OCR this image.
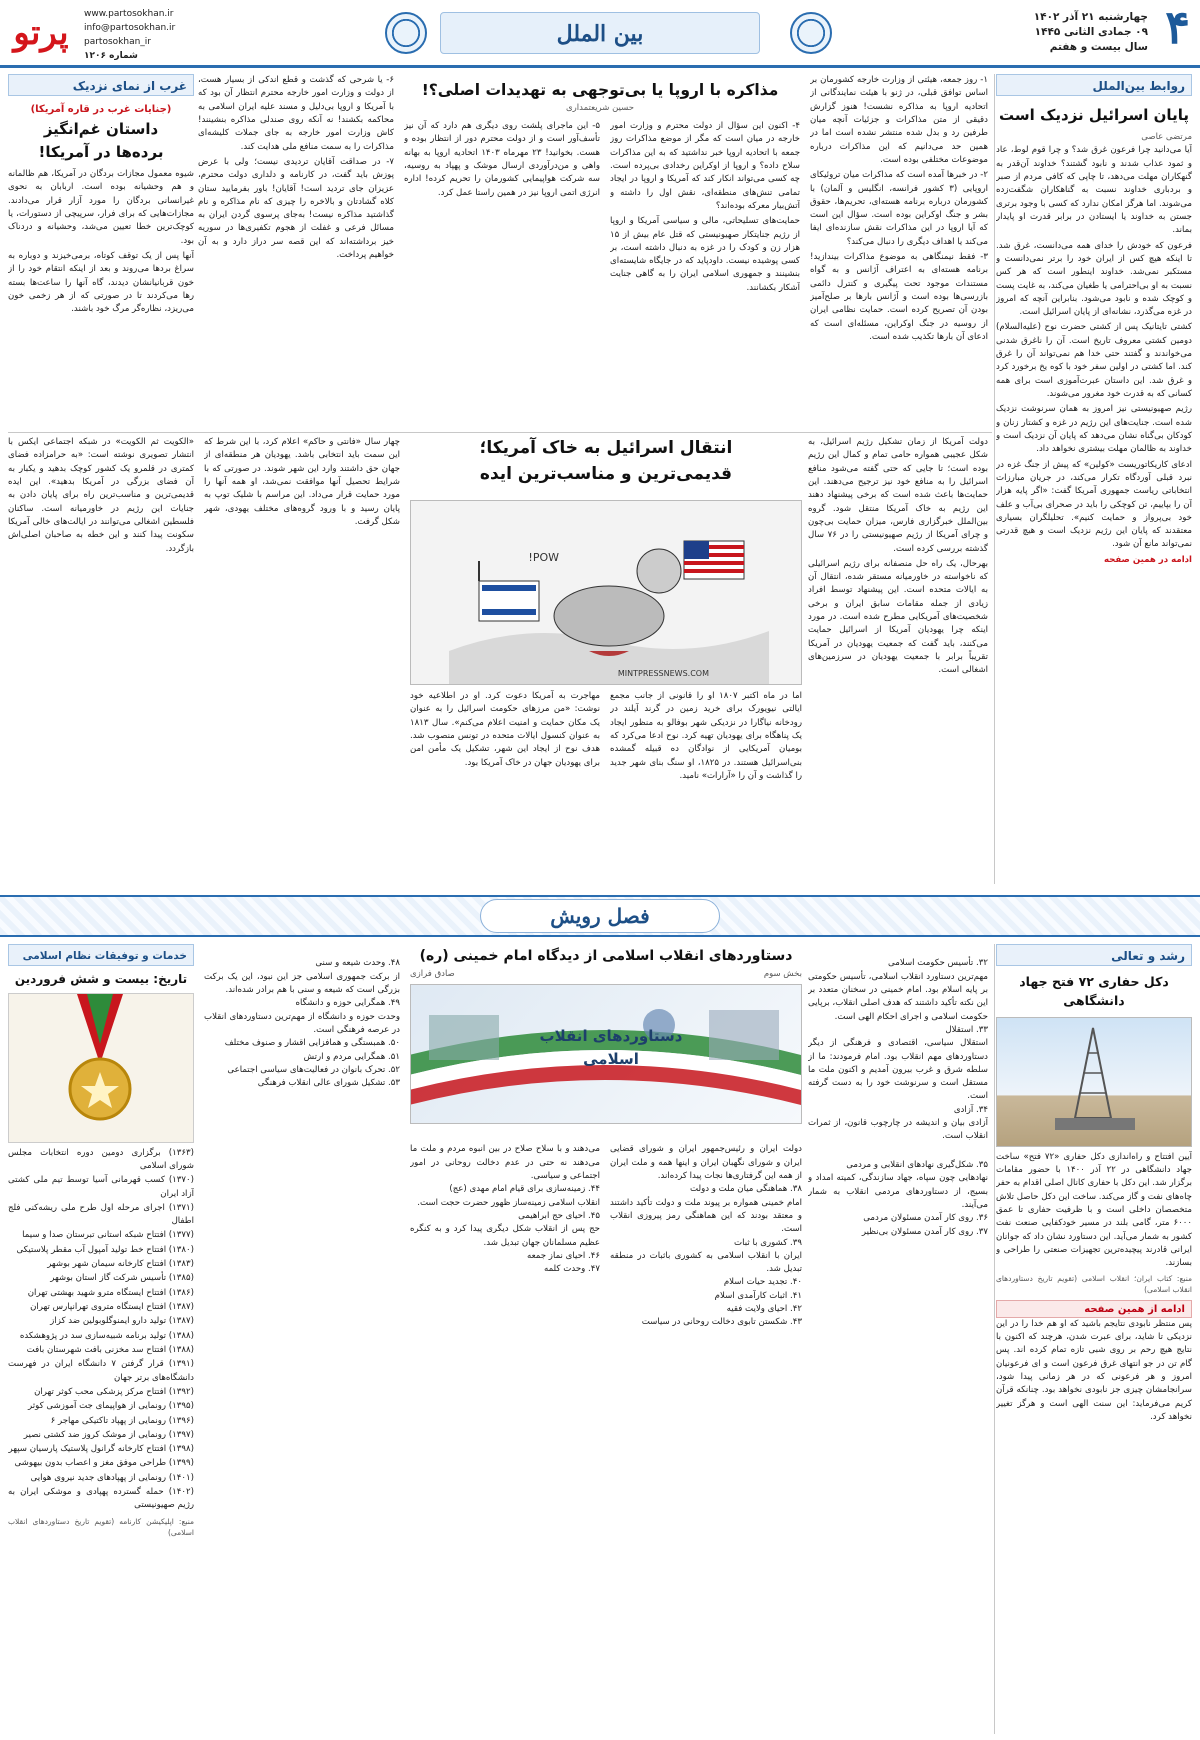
۴
چهارشنبه ۲۱ آذر ۱۴۰۲
۰۹ جمادی الثانی ۱۴۴۵
سال بیست و هفتم
بین الملل
www.partosokhan.ir
info@partosokhan.ir
partosokhan_ir
شماره ۱۲۰۶
پرتو
روابط بین‌الملل
پایان اسرائیل نزدیک است
مرتضی عاصی

آیا می‌دانید چرا فرعون غرق شد؟ و چرا قوم لوط، عاد و ثمود عذاب شدند و نابود گشتند؟ خداوند آن‌قدر به گنهکاران مهلت می‌دهد، تا چاپی که کافی مردم از صبر و بردباری خداوند نسبت به گناهکاران شگفت‌زده می‌شوند. اما هرگز امکان ندارد که کسی با وجود برتری جستن به خداوند یا ایستادن در برابر قدرت او پایدار بماند.

فرعون که خودش را خدای همه می‌دانست، غرق شد. تا اینکه هیچ کس از ایران خود را برتر نمی‌دانست و مستکبر نمی‌شد. خداوند اینطور است که هر کس نسبت به او بی‌احترامی یا طغیان می‌کند، به غایت پست و کوچک شده و نابود می‌شود. بنابراین آنچه که امروز در غزه می‌گذرد، نشانه‌ای از پایان اسرائیل است.

کشتی تایتانیک پس از کشتی حضرت نوح (علیه‌السلام) دومین کشتی معروف تاریخ است. آن را ناغرق شدنی می‌خواندند و گفتند حتی خدا هم نمی‌تواند آن را غرق کند. اما کشتی در اولین سفر خود با کوه یخ برخورد کرد و غرق شد. این داستان عبرت‌آموزی است برای همه کسانی که به قدرت خود مغرور می‌شوند.

رژیم صهیونیستی نیز امروز به همان سرنوشت نزدیک شده است. جنایت‌های این رژیم در غزه و کشتار زنان و کودکان بی‌گناه نشان می‌دهد که پایان آن نزدیک است و خداوند به ظالمان مهلت بیشتری نخواهد داد.

ادعای کاریکاتوریست «کولین» که پیش از جنگ غزه در نبرد قبلی آوردگاه تکرار می‌کند، در جریان مبارزات انتخاباتی ریاست جمهوری آمریکا گفت: «اگر پایه هزار آن را بپاییم، تن کوچکی را باید در صحرای بی‌آب و علف خود بی‌پرواز و حمایت کنیم». تحلیلگران بسیاری معتقدند که پایان این رژیم نزدیک است و هیچ قدرتی نمی‌تواند مانع آن شود.

ادامه در همین صفحه

مذاکره با اروپا یا بی‌توجهی به تهدیدات اصلی؟!
حسین شریعتمداری

۱- روز جمعه، هیئتی از وزارت خارجه کشورمان بر اساس توافق قبلی، در ژنو با هیئت نمایندگانی از اتحادیه اروپا به مذاکره نشست! هنوز گزارش دقیقی از متن مذاکرات و جزئیات آنچه میان طرفین رد و بدل شده منتشر نشده است اما در همین حد می‌دانیم که این مذاکرات درباره موضوعات مختلفی بوده است.

۲- در خبرها آمده است که مذاکرات میان تروئیکای اروپایی (۳ کشور فرانسه، انگلیس و آلمان) با کشورمان درباره برنامه هسته‌ای، تحریم‌ها، حقوق بشر و جنگ اوکراین بوده است. سؤال این است که آیا اروپا در این مذاکرات نقش سازنده‌ای ایفا می‌کند یا اهداف دیگری را دنبال می‌کند؟

۳- فقط نیمنگاهی به موضوع مذاکرات بیندازید! برنامه هسته‌ای به اعتراف آژانس و به گواه مستندات موجود تحت پیگیری و کنترل دائمی بازرسی‌ها بوده است و آژانس بارها بر صلح‌آمیز بودن آن تصریح کرده است. حمایت نظامی ایران از روسیه در جنگ اوکراین، مسئله‌ای است که ادعای آن بارها تکذیب شده است.

۴- اکنون این سؤال از دولت محترم و وزارت امور خارجه در میان است که مگر از موضع مذاکرات روز جمعه با اتحادیه اروپا خبر نداشتید که به این مذاکرات سلاح داده؟ و اروپا از اوکراین رخدادی بی‌پرده است. چه کسی می‌تواند انکار کند که آمریکا و اروپا در ایجاد تمامی تنش‌های منطقه‌ای، نقش اول را داشته و آتش‌بیار معرکه بوده‌اند؟

حمایت‌های تسلیحاتی، مالی و سیاسی آمریکا و اروپا از رژیم جنایتکار صهیونیستی که قتل عام بیش از ۱۵ هزار زن و کودک را در غزه به دنبال داشته است، بر کسی پوشیده نیست. داودپاید که در جایگاه شایسته‌ای بنشینند و جمهوری اسلامی ایران را به گاهی جنایت آشکار بکشانند.

۵- این ماجرای پلشت روی دیگری هم دارد که آن نیز تأسف‌آور است و از دولت محترم دور از انتظار بوده و هست. بخوانید! ۲۳ مهرماه ۱۴۰۳ اتحادیه اروپا به بهانه واهی و من‌درآوردی ارسال موشک و پهپاد به روسیه، سه شرکت هواپیمایی کشورمان را تحریم کرده! اداره انرژی اتمی اروپا نیز در همین راستا عمل کرد.

۶- یا شرحی که گذشت و قطع اندکی از بسیار هست، از دولت و وزارت امور خارجه محترم انتظار آن بود که با آمریکا و اروپا بی‌دلیل و مسند علیه ایران اسلامی به محاکمه بکشند! نه آنکه روی صندلی مذاکره بنشینند! کاش وزارت امور خارجه به جای جملات کلیشه‌ای مذاکرات را به سمت منافع ملی هدایت کند.

۷- در صداقت آقایان تردیدی نیست؛ ولی با عرض پوزش باید گفت، در کارنامه و دلداری دولت محترم، عزیزان جای تردید است! آقایان! باور بفرمایید ستان کلاه گشادتان و بالاخره را چیزی که نام مذاکره و نام گذاشتید مذاکره نیست! به‌جای پرسوی گردن ایران به مسائل فرعی و غفلت از هجوم تکفیری‌ها در سوریه خیز برداشته‌اند که این قصه سر دراز دارد و به آن خواهیم پرداخت.

غرب از نمای نزدیک
(جنایات غرب در قاره آمریکا)
داستان غم‌انگیز
برده‌ها در آمریکا!

شیوه معمول مجازات بردگان در آمریکا، هم ظالمانه و هم وحشیانه بوده است. اربابان به نحوی غیرانسانی بردگان را مورد آزار قرار می‌دادند. مجازات‌هایی که برای فرار، سرپیچی از دستورات، یا کوچک‌ترین خطا تعیین می‌شد، وحشیانه و دردناک بود.

آنها پس از یک توقف کوتاه، برمی‌خیزند و دوباره به سراغ بردها می‌روند و بعد از اینکه انتقام خود را از خون قربانیانشان دیدند، گاه آنها را ساعت‌ها بسته رها می‌کردند تا در صورتی که از هر زخمی خون می‌ریزد، نظاره‌گر مرگ خود باشند.

انتقال اسرائیل به خاک آمریکا؛
قدیمی‌ترین و مناسب‌ترین ایده
POW!
MINTPRESSNEWS.COM

دولت آمریکا از زمان تشکیل رژیم اسرائیل، به شکل عجیبی همواره حامی تمام و کمال این رژیم بوده است؛ تا جایی که حتی گفته می‌شود منافع اسرائیل را به منافع خود نیز ترجیح می‌دهند. این حمایت‌ها باعث شده است که برخی پیشنهاد دهند این رژیم به خاک آمریکا منتقل شود. گروه بین‌الملل خبرگزاری فارس، میزان حمایت بی‌چون و چرای آمریکا از رژیم صهیونیستی را در ۷۶ سال گذشته بررسی کرده است.

بهرحال، یک راه حل منصفانه برای رژیم اسرائیلی که ناخواسته در خاورمیانه مستقر شده، انتقال آن به ایالات متحده است. این پیشنهاد توسط افراد زیادی از جمله مقامات سابق ایران و برخی شخصیت‌های آمریکایی مطرح شده است. در مورد اینکه چرا یهودیان آمریکا از اسرائیل حمایت می‌کنند، باید گفت که جمعیت یهودیان در آمریکا تقریباً برابر با جمعیت یهودیان در سرزمین‌های اشغالی است.

مهاجرت به آمریکا دعوت کرد. او در اطلاعیه خود نوشت: «من مرزهای حکومت اسرائیل را به عنوان یک مکان حمایت و امنیت اعلام می‌کنم». سال ۱۸۱۳ به عنوان کنسول ایالات متحده در تونس منصوب شد. هدف نوح از ایجاد این شهر، تشکیل یک مأمن امن برای یهودیان جهان در خاک آمریکا بود.

اما در ماه اکتبر ۱۸۰۷ او را قانونی از جانب مجمع ایالتی نیویورک برای خرید زمین در گرند آیلند در رودخانه نیاگارا در نزدیکی شهر بوفالو به منظور ایجاد یک پناهگاه برای یهودیان تهیه کرد. نوح ادعا می‌کرد که بومیان آمریکایی از نوادگان ده قبیله گمشده بنی‌اسرائیل هستند. در ۱۸۲۵، او سنگ بنای شهر جدید را گذاشت و آن را «آرارات» نامید.

چهار سال «فانتی و حاکم» اعلام کرد، با این شرط که این سمت باید انتخابی باشد. یهودیان هر منطقه‌ای از جهان حق داشتند وارد این شهر شوند. در صورتی که با شرایط تحصیل آنها موافقت نمی‌شد، او همه آنها را مورد حمایت قرار می‌داد. این مراسم با شلیک توپ به پایان رسید و با ورود گروه‌های مختلف یهودی، شهر شکل گرفت.

«الکویت ثم الکویت» در شبکه اجتماعی ایکس با انتشار تصویری نوشته است: «به حرامزاده فضای کمتری در قلمرو یک کشور کوچک بدهید و یکبار به آن فضای بزرگی در آمریکا بدهید». این ایده قدیمی‌ترین و مناسب‌ترین راه برای پایان دادن به جنایات این رژیم در خاورمیانه است. ساکنان فلسطین اشغالی می‌توانند در ایالت‌های خالی آمریکا سکونت پیدا کنند و این خطه به صاحبان اصلی‌اش بازگردد.

فصل رویش
رشد و تعالی
دکل حفاری ۷۲ فتح جهاد دانشگاهی

آیین افتتاح و راه‌اندازی دکل حفاری «۷۲ فتح» ساخت جهاد دانشگاهی در ۲۲ آذر ۱۴۰۰ با حضور مقامات برگزار شد. این دکل با حفاری کانال اصلی اقدام به حفر چاه‌های نفت و گاز می‌کند. ساخت این دکل حاصل تلاش متخصصان داخلی است و با ظرفیت حفاری تا عمق ۶۰۰۰ متر، گامی بلند در مسیر خودکفایی صنعت نفت کشور به شمار می‌آید. این دستاورد نشان داد که جوانان ایرانی قادرند پیچیده‌ترین تجهیزات صنعتی را طراحی و بسازند.

منبع: کتاب ایران؛ انقلاب اسلامی (تقویم تاریخ دستاوردهای انقلاب اسلامی)

ادامه از همین صفحه

پس منتظر نابودی نتایجم باشید که او هم خدا را در این نزدیکی تا شاید، برای عبرت شدن، هرچند که اکنون با نتایج هیچ رحم بر روی شبی تازه تمام کرده اند. پس گام تن در جو انتهای غرق فرعون است و ای فرعونیان امروز و هر فرعونی که در هر زمانی پیدا شود، سرانجامشان چیزی جز نابودی نخواهد بود. چنانکه قرآن کریم می‌فرماید: این سنت الهی است و هرگز تغییر نخواهد کرد.

دستاوردهای انقلاب اسلامی از دیدگاه امام خمینی (ره)
بخش سوم
صادق فرازی
دستاوردهای انقلاب اسلامی

۳۲. تأسیس حکومت اسلامی
مهم‌ترین دستاورد انقلاب اسلامی، تأسیس حکومتی بر پایه اسلام بود. امام خمینی در سخنان متعدد بر این نکته تأکید داشتند که هدف اصلی انقلاب، برپایی حکومت اسلامی و اجرای احکام الهی است.
۳۳. استقلال
استقلال سیاسی، اقتصادی و فرهنگی از دیگر دستاوردهای مهم انقلاب بود. امام فرمودند: ما از سلطه شرق و غرب بیرون آمدیم و اکنون ملت ما مستقل است و سرنوشت خود را به دست گرفته است.
۳۴. آزادی
آزادی بیان و اندیشه در چارچوب قانون، از ثمرات انقلاب است.

۳۵. شکل‌گیری نهادهای انقلابی و مردمی
نهادهایی چون سپاه، جهاد سازندگی، کمیته امداد و بسیج، از دستاوردهای مردمی انقلاب به شمار می‌آیند.
۳۶. روی کار آمدن مسئولان مردمی
۳۷. روی کار آمدن مسئولان بی‌نظیر

دولت ایران و رئیس‌جمهور ایران و شورای قضایی ایران و شورای نگهبان ایران و اینها همه و ملت ایران از همه این گرفتاری‌ها نجات پیدا کرده‌اند.
۳۸. هماهنگی میان ملت و دولت
امام خمینی همواره بر پیوند ملت و دولت تأکید داشتند و معتقد بودند که این هماهنگی رمز پیروزی انقلاب است.
۳۹. کشوری با ثبات
ایران با انقلاب اسلامی به کشوری باثبات در منطقه تبدیل شد.
۴۰. تجدید حیات اسلام
۴۱. اثبات کارآمدی اسلام
۴۲. احیای ولایت فقیه
۴۳. شکستن تابوی دخالت روحانی در سیاست

می‌دهند و با سلاح صلاح در بین انبوه مردم و ملت ما می‌دهند نه حتی در عدم دخالت روحانی در امور اجتماعی و سیاسی.
۴۴. زمینه‌سازی برای قیام امام مهدی (عج)
انقلاب اسلامی زمینه‌ساز ظهور حضرت حجت است.
۴۵. احیای حج ابراهیمی
حج پس از انقلاب شکل دیگری پیدا کرد و به کنگره عظیم مسلمانان جهان تبدیل شد.
۴۶. احیای نماز جمعه
۴۷. وحدت کلمه

۴۸. وحدت شیعه و سنی
از برکت جمهوری اسلامی جز این نبود، این یک برکت بزرگی است که شیعه و سنی با هم برادر شده‌اند.
۴۹. همگرایی حوزه و دانشگاه
وحدت حوزه و دانشگاه از مهم‌ترین دستاوردهای انقلاب در عرصه فرهنگی است.
۵۰. همبستگی و همافزایی اقشار و صنوف مختلف
۵۱. همگرایی مردم و ارتش
۵۲. تحرک بانوان در فعالیت‌های سیاسی اجتماعی
۵۳. تشکیل شورای عالی انقلاب فرهنگی

خدمات و توفیقات نظام اسلامی
تاریخ: بیست و شش فروردین
(۱۳۶۳) برگزاری دومین دوره انتخابات مجلس شورای اسلامی
(۱۳۷۰) کسب قهرمانی آسیا توسط تیم ملی کشتی آزاد ایران
(۱۳۷۱) اجرای مرحله اول طرح ملی ریشه‌کنی فلج اطفال
(۱۳۷۷) افتتاح شبکه استانی تبرستان صدا و سیما
(۱۳۸۰) افتتاح خط تولید آمپول آب مقطر پلاستیکی
(۱۳۸۳) افتتاح کارخانه سیمان شهر بوشهر
(۱۳۸۵) تأسیس شرکت گاز استان بوشهر
(۱۳۸۶) افتتاح ایستگاه مترو شهید بهشتی تهران
(۱۳۸۷) افتتاح ایستگاه متروی تهرانپارس تهران
(۱۳۸۷) تولید دارو ایمنوگلوبولین ضد کزاز
(۱۳۸۸) تولید برنامه شبیه‌سازی سد در پژوهشکده
(۱۳۸۸) افتتاح سد مخزنی بافت شهرستان بافت
(۱۳۹۱) قرار گرفتن ۷ دانشگاه ایران در فهرست دانشگاه‌های برتر جهان
(۱۳۹۲) افتتاح مرکز پزشکی محب کوثر تهران
(۱۳۹۵) رونمایی از هواپیمای جت آموزشی کوثر
(۱۳۹۶) رونمایی از پهپاد تاکتیکی مهاجر ۶
(۱۳۹۷) رونمایی از موشک کروز ضد کشتی نصیر
(۱۳۹۸) افتتاح کارخانه گرانول پلاستیک پارسیان سپهر
(۱۳۹۹) طراحی موفق مغز و اعصاب بدون بیهوشی
(۱۴۰۱) رونمایی از پهپادهای جدید نیروی هوایی
(۱۴۰۲) حمله گسترده پهپادی و موشکی ایران به رژیم صهیونیستی

منبع: اپلیکیشن کارنامه (تقویم تاریخ دستاوردهای انقلاب اسلامی)
